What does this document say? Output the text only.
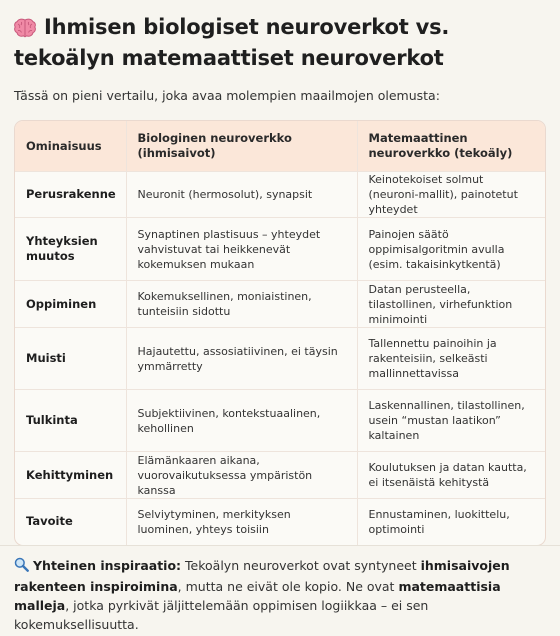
Ihmisen biologiset neuroverkot vs. tekoälyn matemaattiset neuroverkot

Tässä on pieni vertailu, joka avaa molempien maailmojen olemusta:

Ominaisuus	Biologinen neuroverkko (ihmisaivot)	Matemaattinen neuroverkko (tekoäly)
Perusrakenne	Neuronit (hermosolut), synapsit	Keinotekoiset solmut (neuroni-mallit), painotetut yhteydet
Yhteyksien muutos	Synaptinen plastisuus – yhteydet vahvistuvat tai heikkenevät kokemuksen mukaan	Painojen säätö oppimisalgoritmin avulla (esim. takaisinkytkentä)
Oppiminen	Kokemuksellinen, moniaistinen, tunteisiin sidottu	Datan perusteella, tilastollinen, virhefunktion minimointi
Muisti	Hajautettu, assosiatiivinen, ei täysin ymmärretty	Tallennettu painoihin ja rakenteisiin, selkeästi mallinnettavissa
Tulkinta	Subjektiivinen, kontekstuaalinen, kehollinen	Laskennallinen, tilastollinen, usein “mustan laatikon” kaltainen
Kehittyminen	Elämänkaaren aikana, vuorovaikutuksessa ympäristön kanssa	Koulutuksen ja datan kautta, ei itsenäistä kehitystä
Tavoite	Selviytyminen, merkityksen luominen, yhteys toisiin	Ennustaminen, luokittelu, optimointi

Yhteinen inspiraatio: Tekoälyn neuroverkot ovat syntyneet ihmisaivojen rakenteen inspiroimina, mutta ne eivät ole kopio. Ne ovat matemaattisia malleja, jotka pyrkivät jäljittelemään oppimisen logiikkaa – ei sen kokemuksellisuutta.
